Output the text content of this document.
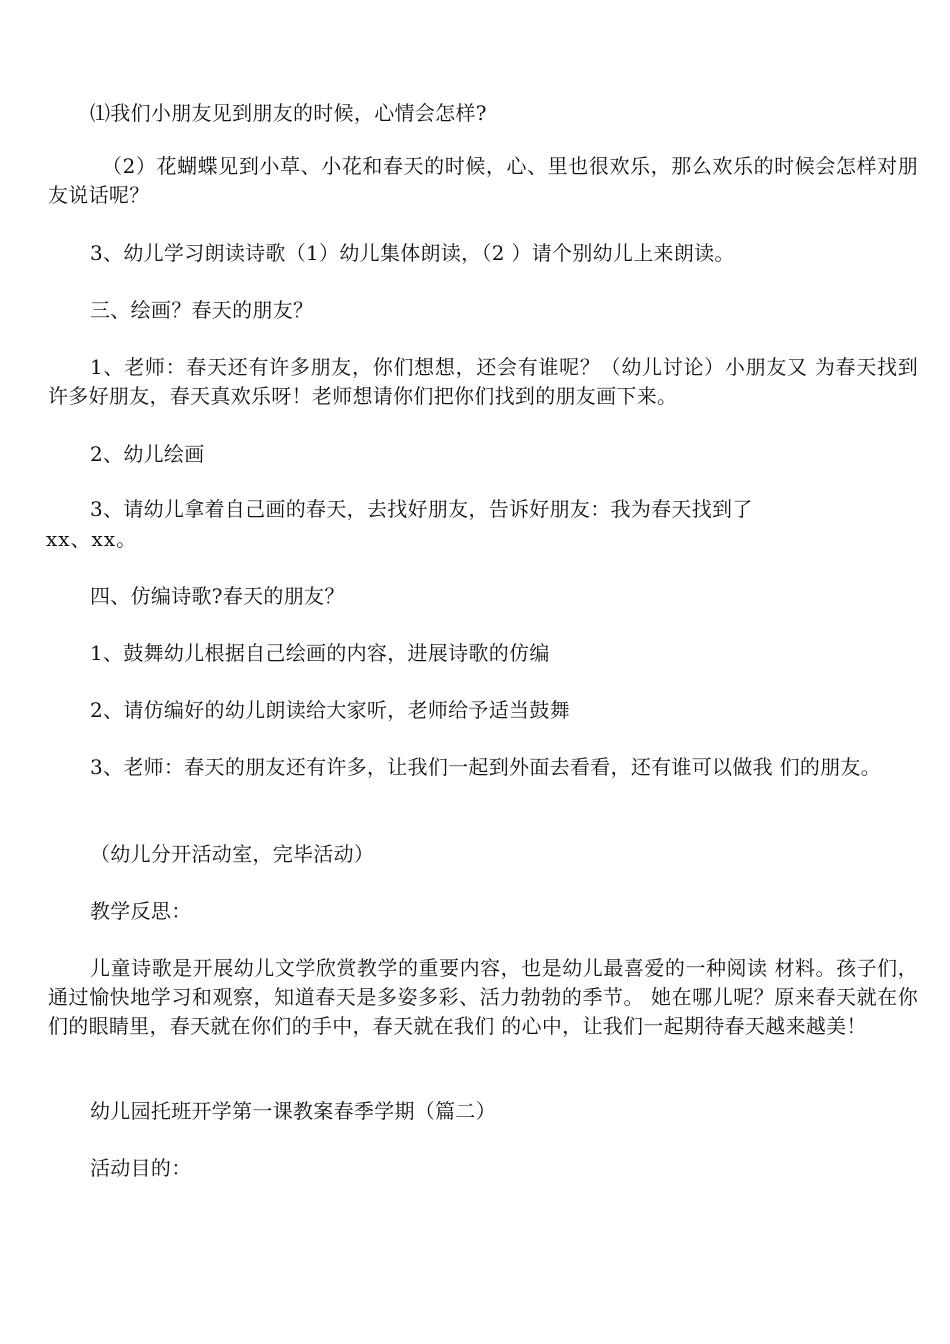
⑴我们小朋友见到朋友的时候，心情会怎样?

（2）花蝴蝶见到小草、小花和春天的时候，心、里也很欢乐，那么欢乐的时候会怎样对朋友说话呢？

3、幼儿学习朗读诗歌（1）幼儿集体朗读，（2 ）请个别幼儿上来朗读。

三、绘画？春天的朋友？

1、老师：春天还有许多朋友，你们想想，还会有谁呢？（幼儿讨论）小朋友又 为春天找到许多好朋友，春天真欢乐呀！老师想请你们把你们找到的朋友画下来。

2、幼儿绘画

3、请幼儿拿着自己画的春天，去找好朋友，告诉好朋友：我为春天找到了

xx、xx。

四、仿编诗歌?春天的朋友？

1、鼓舞幼儿根据自己绘画的内容，进展诗歌的仿编

2、请仿编好的幼儿朗读给大家听，老师给予适当鼓舞

3、老师：春天的朋友还有许多，让我们一起到外面去看看，还有谁可以做我 们的朋友。

（幼儿分开活动室，完毕活动）

教学反思：

儿童诗歌是开展幼儿文学欣赏教学的重要内容，也是幼儿最喜爱的一种阅读 材料。孩子们，通过愉快地学习和观察，知道春天是多姿多彩、活力勃勃的季节。 她在哪儿呢？原来春天就在你们的眼睛里，春天就在你们的手中，春天就在我们 的心中，让我们一起期待春天越来越美！

幼儿园托班开学第一课教案春季学期（篇二）

活动目的：
